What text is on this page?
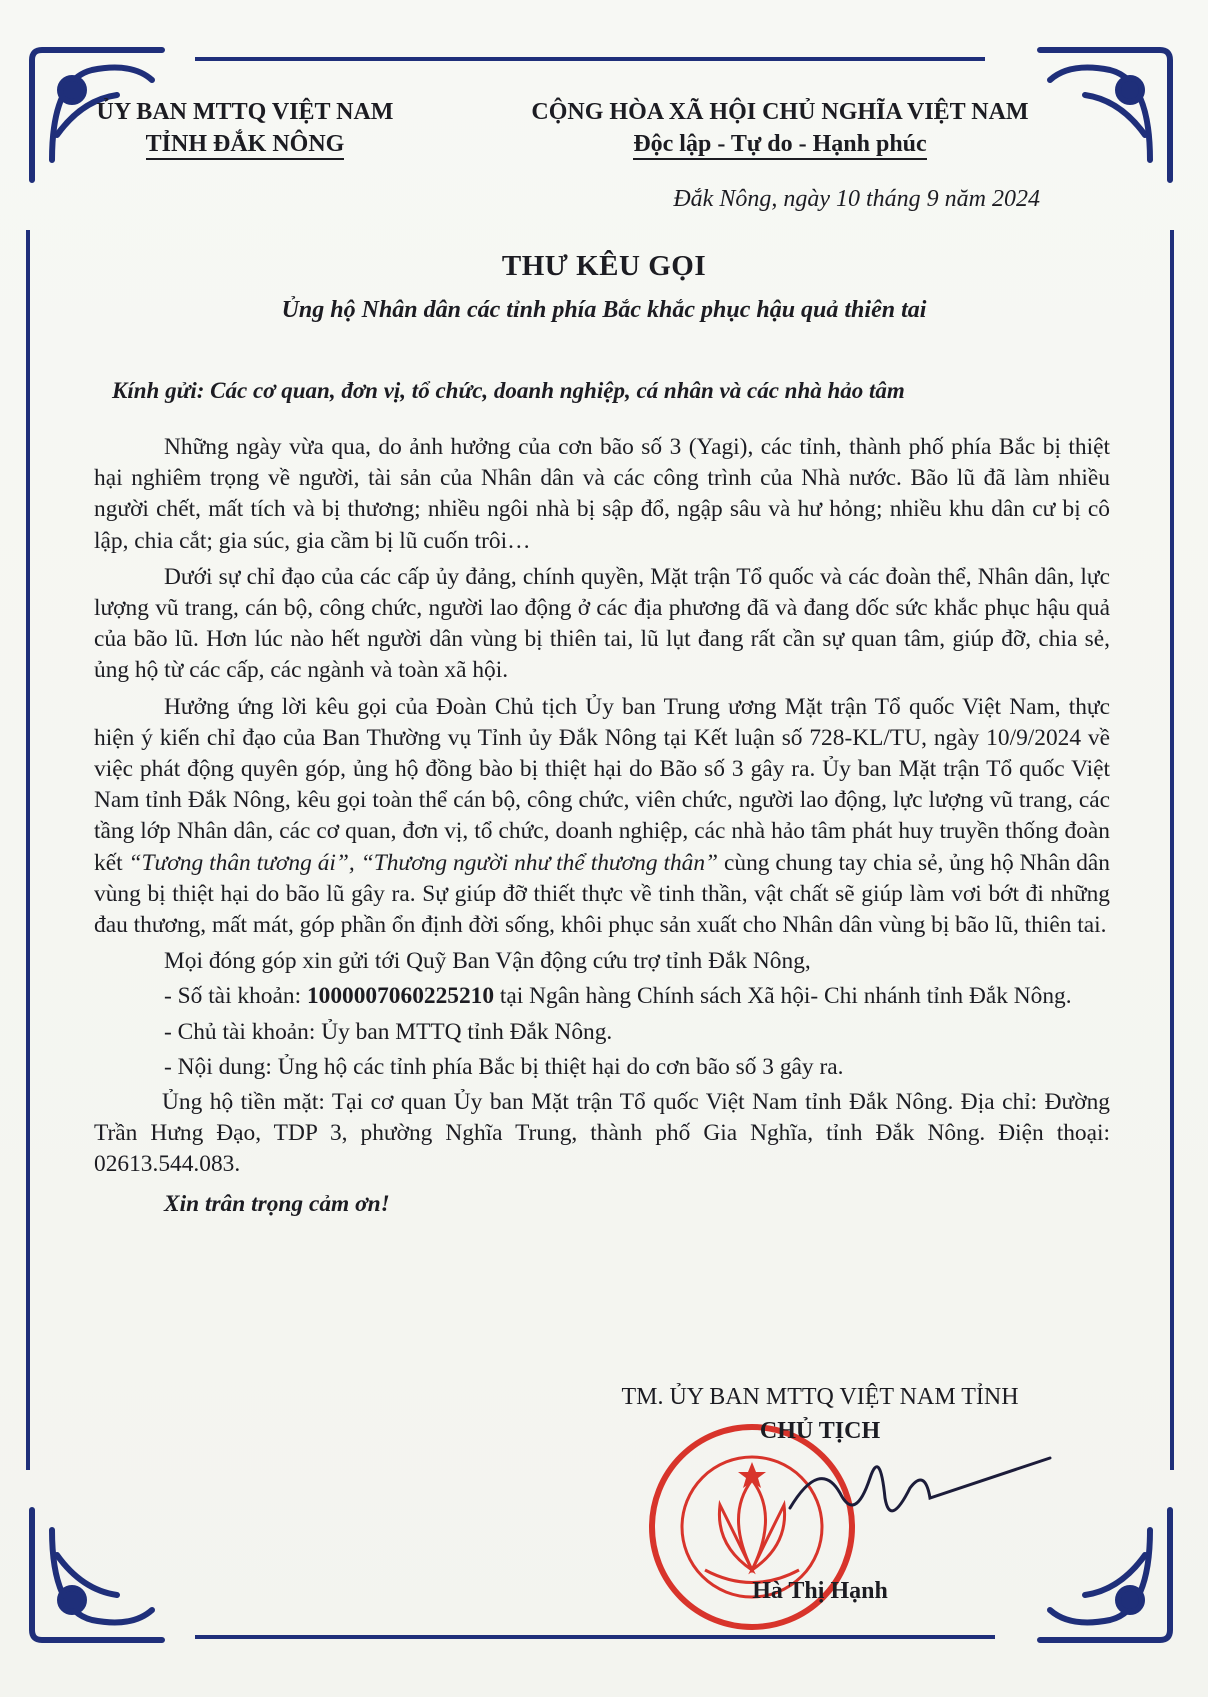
ỦY BAN MTTQ VIỆT NAM
TỈNH ĐẮK NÔNG
CỘNG HÒA XÃ HỘI CHỦ NGHĨA VIỆT NAM
Độc lập - Tự do - Hạnh phúc
Đắk Nông, ngày 10 tháng 9 năm 2024
THƯ KÊU GỌI
Ủng hộ Nhân dân các tỉnh phía Bắc khắc phục hậu quả thiên tai
Kính gửi: Các cơ quan, đơn vị, tổ chức, doanh nghiệp, cá nhân và các nhà hảo tâm

Những ngày vừa qua, do ảnh hưởng của cơn bão số 3 (Yagi), các tỉnh, thành phố phía Bắc bị thiệt hại nghiêm trọng về người, tài sản của Nhân dân và các công trình của Nhà nước. Bão lũ đã làm nhiều người chết, mất tích và bị thương; nhiều ngôi nhà bị sập đổ, ngập sâu và hư hỏng; nhiều khu dân cư bị cô lập, chia cắt; gia súc, gia cầm bị lũ cuốn trôi…

Dưới sự chỉ đạo của các cấp ủy đảng, chính quyền, Mặt trận Tổ quốc và các đoàn thể, Nhân dân, lực lượng vũ trang, cán bộ, công chức, người lao động ở các địa phương đã và đang dốc sức khắc phục hậu quả của bão lũ. Hơn lúc nào hết người dân vùng bị thiên tai, lũ lụt đang rất cần sự quan tâm, giúp đỡ, chia sẻ, ủng hộ từ các cấp, các ngành và toàn xã hội.

Hưởng ứng lời kêu gọi của Đoàn Chủ tịch Ủy ban Trung ương Mặt trận Tổ quốc Việt Nam, thực hiện ý kiến chỉ đạo của Ban Thường vụ Tỉnh ủy Đắk Nông tại Kết luận số 728-KL/TU, ngày 10/9/2024 về việc phát động quyên góp, ủng hộ đồng bào bị thiệt hại do Bão số 3 gây ra. Ủy ban Mặt trận Tổ quốc Việt Nam tỉnh Đắk Nông, kêu gọi toàn thể cán bộ, công chức, viên chức, người lao động, lực lượng vũ trang, các tầng lớp Nhân dân, các cơ quan, đơn vị, tổ chức, doanh nghiệp, các nhà hảo tâm phát huy truyền thống đoàn kết “Tương thân tương ái”, “Thương người như thể thương thân” cùng chung tay chia sẻ, ủng hộ Nhân dân vùng bị thiệt hại do bão lũ gây ra. Sự giúp đỡ thiết thực về tinh thần, vật chất sẽ giúp làm vơi bớt đi những đau thương, mất mát, góp phần ổn định đời sống, khôi phục sản xuất cho Nhân dân vùng bị bão lũ, thiên tai.

Mọi đóng góp xin gửi tới Quỹ Ban Vận động cứu trợ tỉnh Đắk Nông,

- Số tài khoản: 1000007060225210 tại Ngân hàng Chính sách Xã hội- Chi nhánh tỉnh Đắk Nông.

- Chủ tài khoản: Ủy ban MTTQ tỉnh Đắk Nông.

- Nội dung: Ủng hộ các tỉnh phía Bắc bị thiệt hại do cơn bão số 3 gây ra.

Ủng hộ tiền mặt: Tại cơ quan Ủy ban Mặt trận Tổ quốc Việt Nam tỉnh Đắk Nông. Địa chỉ: Đường Trần Hưng Đạo, TDP 3, phường Nghĩa Trung, thành phố Gia Nghĩa, tỉnh Đắk Nông. Điện thoại: 02613.544.083.

Xin trân trọng cảm ơn!

TM. ỦY BAN MTTQ VIỆT NAM TỈNH
CHỦ TỊCH
Hà Thị Hạnh
